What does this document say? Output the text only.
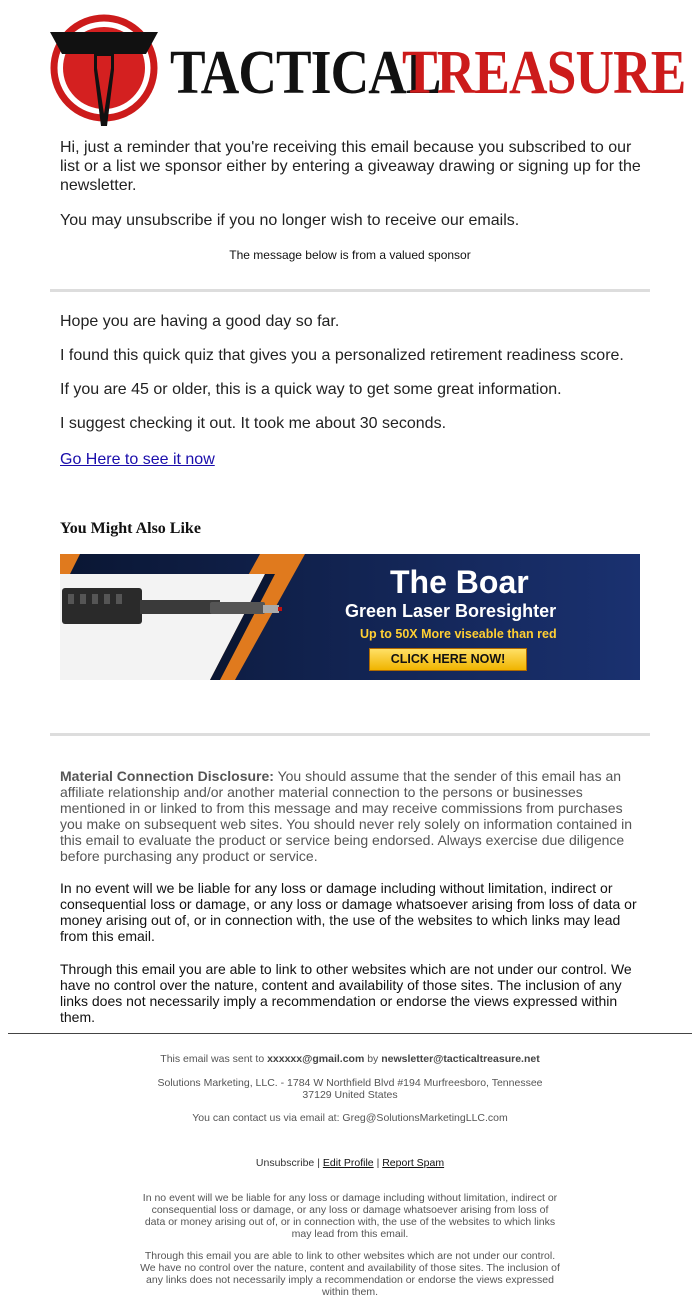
TACTICAL
TREASURE

Hi, just a reminder that you're receiving this email because you subscribed to our list or a list we sponsor either by entering a giveaway drawing or signing up for the newsletter.

You may unsubscribe if you no longer wish to receive our emails.

The message below is from a valued sponsor
Hope you are having a good day so far.
I found this quick quiz that gives you a personalized retirement readiness score.
If you are 45 or older, this is a quick way to get some great information.
I suggest checking it out. It took me about 30 seconds.
Go Here to see it now
You Might Also Like
The Boar
Green Laser Boresighter
Up to 50X More viseable than red
CLICK HERE NOW!

Material Connection Disclosure: You should assume that the sender of this email has an affiliate relationship and/or another material connection to the persons or businesses mentioned in or linked to from this message and may receive commissions from purchases you make on subsequent web sites. You should never rely solely on information contained in this email to evaluate the product or service being endorsed. Always exercise due diligence before purchasing any product or service.

In no event will we be liable for any loss or damage including without limitation, indirect or consequential loss or damage, or any loss or damage whatsoever arising from loss of data or money arising out of, or in connection with, the use of the websites to which links may lead from this email.
Through this email you are able to link to other websites which are not under our control. We have no control over the nature, content and availability of those sites. The inclusion of any links does not necessarily imply a recommendation or endorse the views expressed within them.
This email was sent to xxxxxx@gmail.com by newsletter@tacticaltreasure.net
Solutions Marketing, LLC. - 1784 W Northfield Blvd #194 Murfreesboro, Tennessee 37129 United States
You can contact us via email at: Greg@SolutionsMarketingLLC.com
Unsubscribe | Edit Profile | Report Spam
In no event will we be liable for any loss or damage including without limitation, indirect or consequential loss or damage, or any loss or damage whatsoever arising from loss of data or money arising out of, or in connection with, the use of the websites to which links may lead from this email.
Through this email you are able to link to other websites which are not under our control. We have no control over the nature, content and availability of those sites. The inclusion of any links does not necessarily imply a recommendation or endorse the views expressed within them.
